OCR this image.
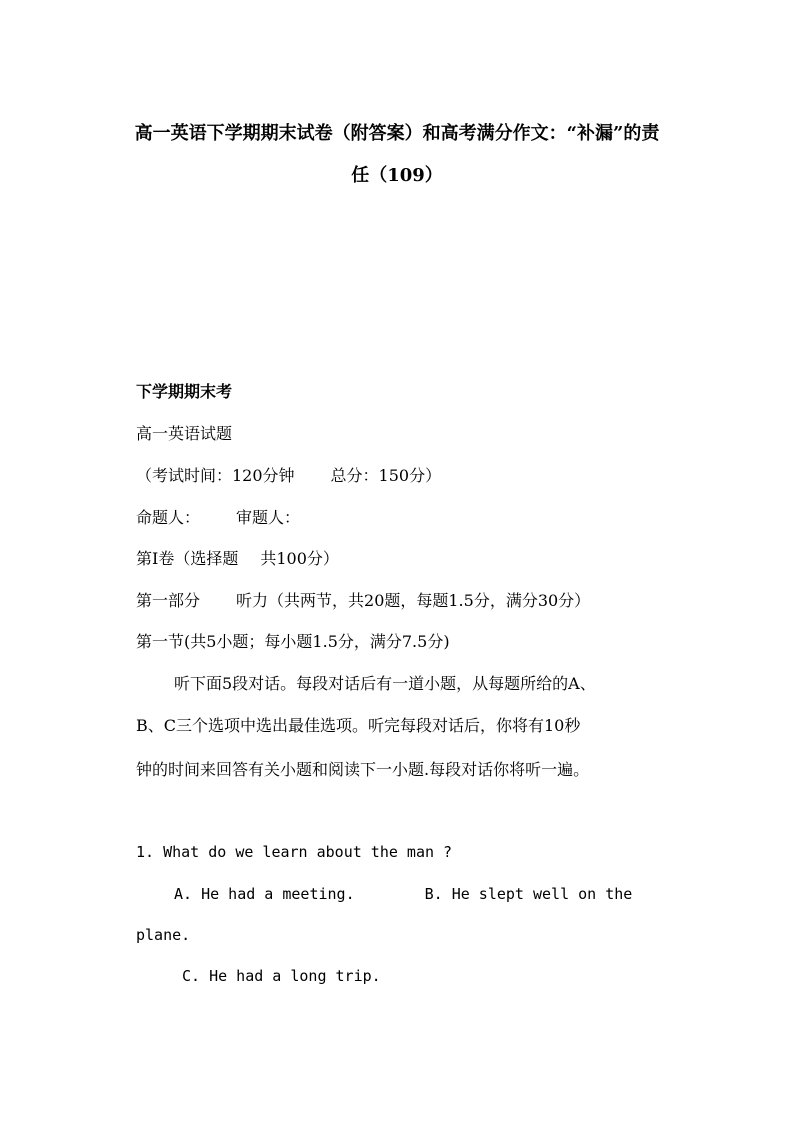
高一英语下学期期末试卷（附答案）和高考满分作文：“补漏”的责
任（109）
下学期期末考
高一英语试题
（考试时间：120分钟 总分：150分）
命题人： 审题人：
第I卷（选择题 共100分）
第一部分 听力（共两节，共20题，每题1.5分，满分30分）
第一节(共5小题；每小题1.5分，满分7.5分)
听下面5段对话。每段对话后有一道小题，从每题所给的A、
B、C三个选项中选出最佳选项。听完每段对话后，你将有10秒
钟的时间来回答有关小题和阅读下一小题.每段对话你将听一遍。
1. What do we learn about the man ?
A. He had a meeting.	B. He slept well on the
plane.
C. He had a long trip.
